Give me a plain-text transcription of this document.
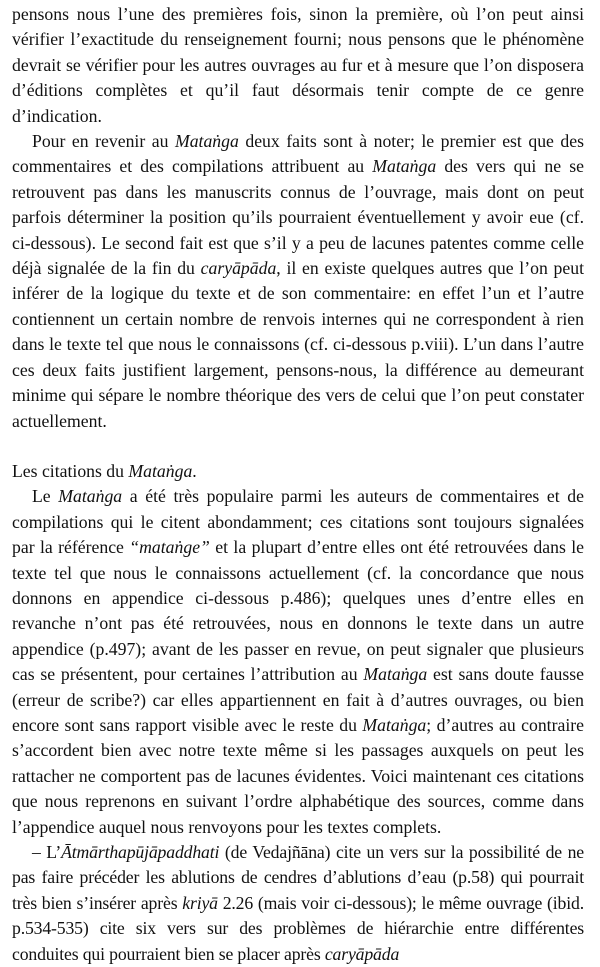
pensons nous l’une des premières fois, sinon la première, où l’on peut ainsi vérifier l’exactitude du renseignement fourni; nous pensons que le phénomène devrait se vérifier pour les autres ouvrages au fur et à mesure que l’on disposera d’éditions complètes et qu’il faut désormais tenir compte de ce genre d’indication.

Pour en revenir au Mataṅga deux faits sont à noter; le premier est que des commentaires et des compilations attribuent au Mataṅga des vers qui ne se retrouvent pas dans les manuscrits connus de l’ouvrage, mais dont on peut parfois déterminer la position qu’ils pourraient éventuellement y avoir eue (cf. ci-dessous). Le second fait est que s’il y a peu de lacunes patentes comme celle déjà signalée de la fin du caryāpāda, il en existe quelques autres que l’on peut inférer de la logique du texte et de son commentaire: en effet l’un et l’autre contiennent un certain nombre de renvois internes qui ne correspondent à rien dans le texte tel que nous le connaissons (cf. ci-dessous p.viii). L’un dans l’autre ces deux faits justifient largement, pensons-nous, la différence au demeurant minime qui sépare le nombre théorique des vers de celui que l’on peut constater actuellement.

Les citations du Mataṅga.

Le Mataṅga a été très populaire parmi les auteurs de commentaires et de compilations qui le citent abondamment; ces citations sont toujours signalées par la référence “mataṅge” et la plupart d’entre elles ont été retrouvées dans le texte tel que nous le connaissons actuellement (cf. la concordance que nous donnons en appendice ci-dessous p.486); quelques unes d’entre elles en revanche n’ont pas été retrouvées, nous en donnons le texte dans un autre appendice (p.497); avant de les passer en revue, on peut signaler que plusieurs cas se présentent, pour certaines l’attribution au Mataṅga est sans doute fausse (erreur de scribe?) car elles appartiennent en fait à d’autres ouvrages, ou bien encore sont sans rapport visible avec le reste du Mataṅga; d’autres au contraire s’accordent bien avec notre texte même si les passages auxquels on peut les rattacher ne comportent pas de lacunes évidentes. Voici maintenant ces citations que nous reprenons en suivant l’ordre alphabétique des sources, comme dans l’appendice auquel nous renvoyons pour les textes complets.

– L’Ātmārthapūjāpaddhati (de Vedajñāna) cite un vers sur la possibilité de ne pas faire précéder les ablutions de cendres d’ablutions d’eau (p.58) qui pourrait très bien s’insérer après kriyā 2.26 (mais voir ci-dessous); le même ouvrage (ibid. p.534-535) cite six vers sur des problèmes de hiérarchie entre différentes conduites qui pourraient bien se placer après caryāpāda
